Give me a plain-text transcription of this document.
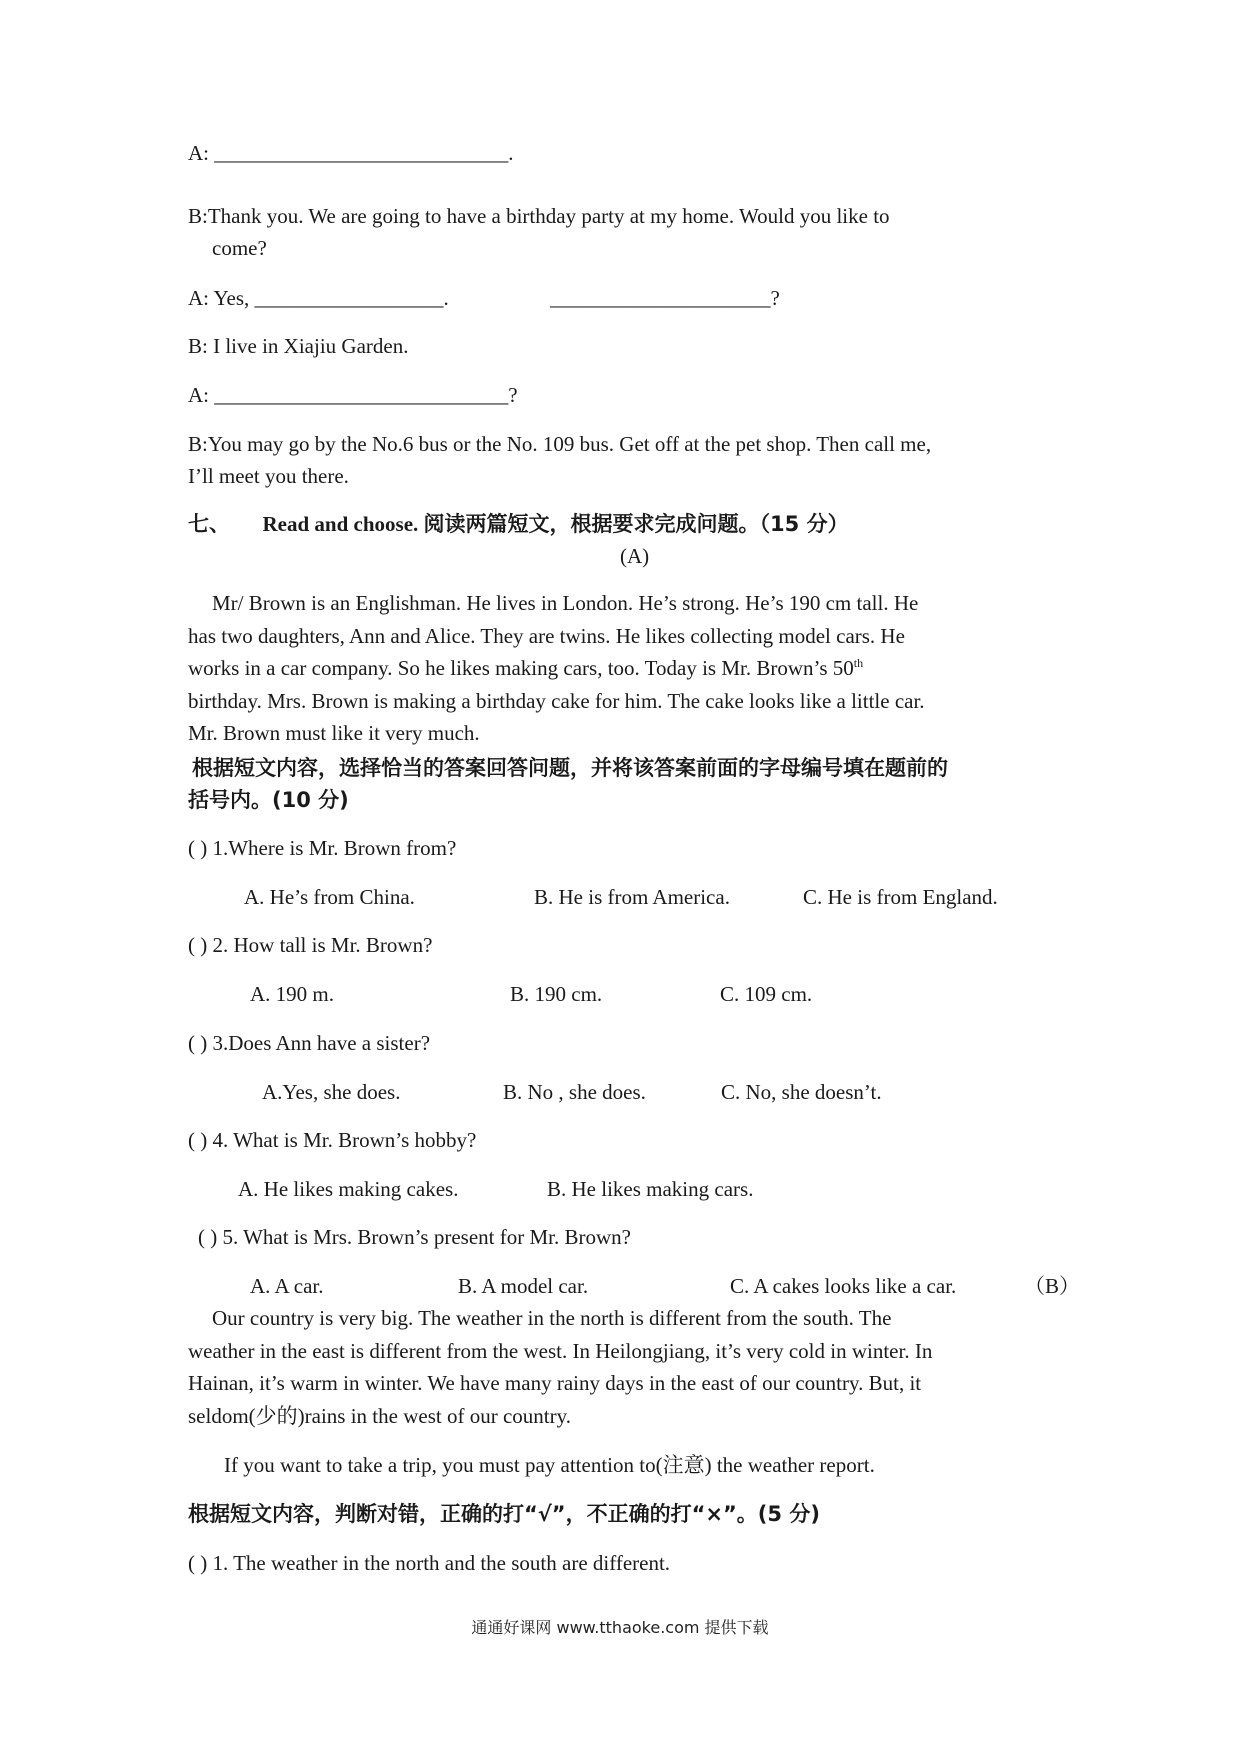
A: ____________________________.
B:Thank you. We are going to have a birthday party at my home. Would you like to
come?
A: Yes, __________________.	_____________________?
B: I live in Xiajiu Garden.
A: ____________________________?
B:You may go by the No.6 bus or the No. 109 bus. Get off at the pet shop. Then call me,
I’ll meet you there.
七、 Read and choose. 阅读两篇短文，根据要求完成问题。（15 分）
(A)

Mr/ Brown is an Englishman. He lives in London. He’s strong. He’s 190 cm tall. He

has two daughters, Ann and Alice. They are twins. He likes collecting model cars. He

works in a car company. So he likes making cars, too. Today is Mr. Brown’s 50th

birthday. Mrs. Brown is making a birthday cake for him. The cake looks like a little car.

Mr. Brown must like it very much.

根据短文内容，选择恰当的答案回答问题，并将该答案前面的字母编号填在题前的
括号内。(10 分)
( ) 1.Where is Mr. Brown from?
A. He’s from China.	B. He is from America.	C. He is from England.
( ) 2. How tall is Mr. Brown?
A. 190 m.	B. 190 cm.	C. 109 cm.
( ) 3.Does Ann have a sister?
A.Yes, she does.	B. No , she does.	C. No, she doesn’t.
( ) 4. What is Mr. Brown’s hobby?
A. He likes making cakes.	B. He likes making cars.
( ) 5. What is Mrs. Brown’s present for Mr. Brown?
A. A car.	B. A model car.	C. A cakes looks like a car.	（B）

Our country is very big. The weather in the north is different from the south. The

weather in the east is different from the west. In Heilongjiang, it’s very cold in winter. In

Hainan, it’s warm in winter. We have many rainy days in the east of our country. But, it

seldom(少的)rains in the west of our country.

If you want to take a trip, you must pay attention to(注意) the weather report.
根据短文内容，判断对错，正确的打“√”，不正确的打“×”。(5 分)
( ) 1. The weather in the north and the south are different.
通通好课网 www.tthaoke.com 提供下载
